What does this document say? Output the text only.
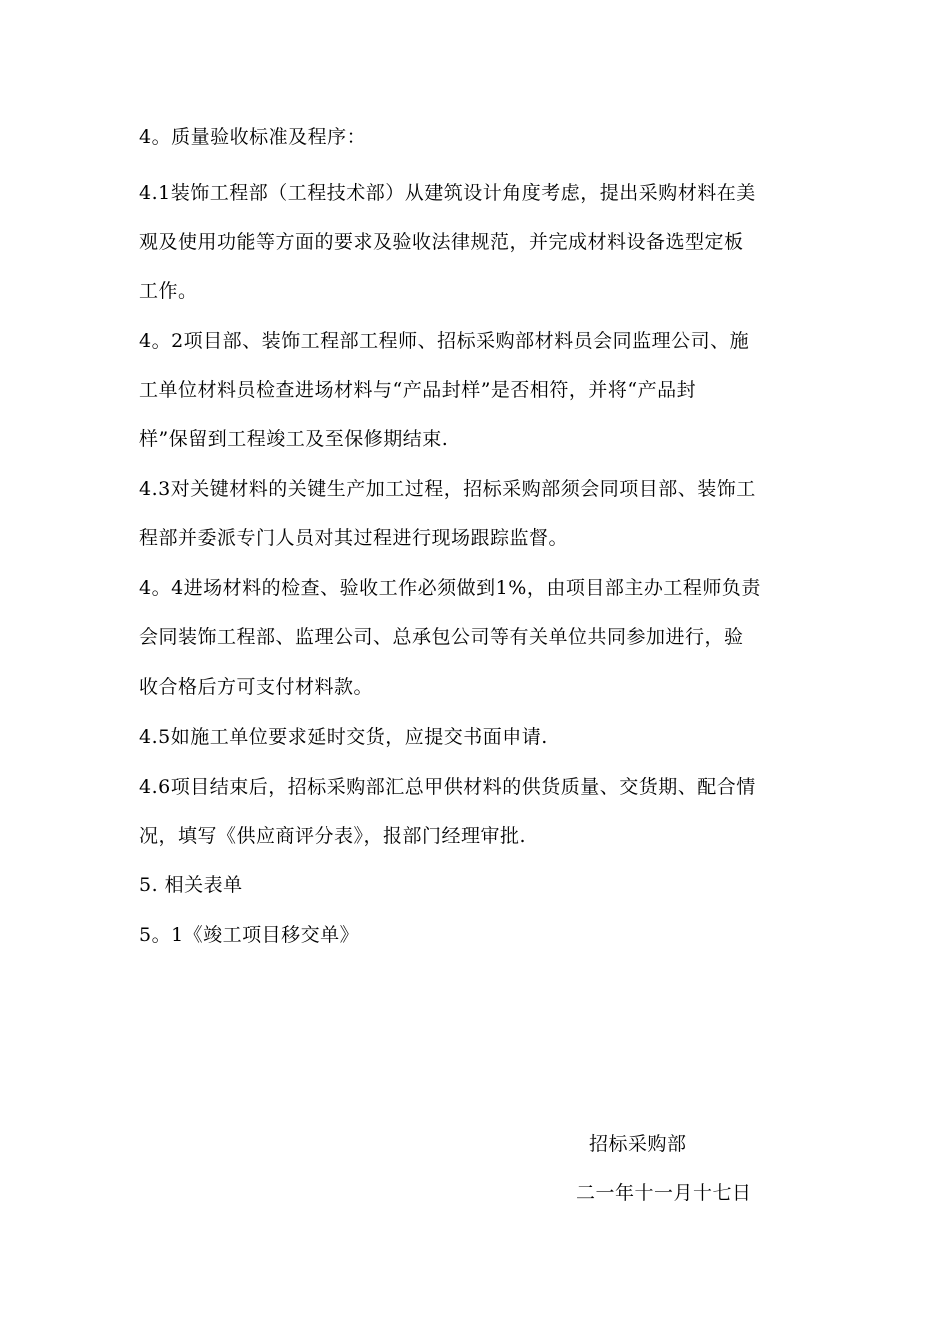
4。质量验收标准及程序：
4.1装饰工程部（工程技术部）从建筑设计角度考虑，提出采购材料在美
观及使用功能等方面的要求及验收法律规范，并完成材料设备选型定板
工作。
4。2项目部、装饰工程部工程师、招标采购部材料员会同监理公司、施
工单位材料员检查进场材料与“产品封样”是否相符，并将“产品封
样”保留到工程竣工及至保修期结束.
4.3对关键材料的关键生产加工过程，招标采购部须会同项目部、装饰工
程部并委派专门人员对其过程进行现场跟踪监督。
4。4进场材料的检查、验收工作必须做到1%，由项目部主办工程师负责
会同装饰工程部、监理公司、总承包公司等有关单位共同参加进行，验
收合格后方可支付材料款。
4.5如施工单位要求延时交货，应提交书面申请.
4.6项目结束后，招标采购部汇总甲供材料的供货质量、交货期、配合情
况，填写《供应商评分表》，报部门经理审批.
5. 相关表单
5。1《竣工项目移交单》
招标采购部
二一年十一月十七日
